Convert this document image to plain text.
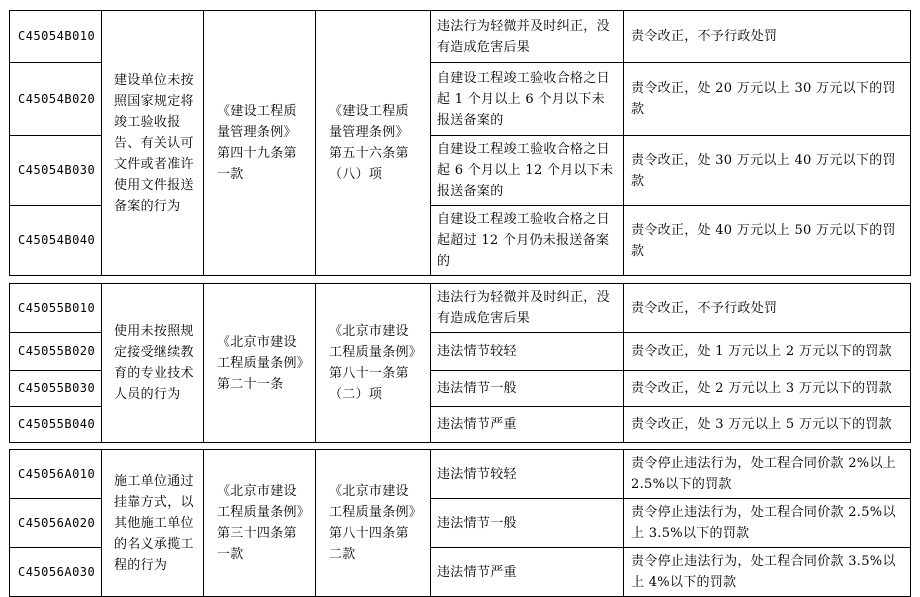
C45054B010	建设单位未按照国家规定将竣工验收报告、有关认可文件或者准许使用文件报送备案的行为	《建设工程质量管理条例》第四十九条第一款	《建设工程质量管理条例》第五十六条第（八）项	违法行为轻微并及时纠正，没有造成危害后果	责令改正，不予行政处罚
C45054B020				自建设工程竣工验收合格之日起 1 个月以上 6 个月以下未报送备案的	责令改正，处 20 万元以上 30 万元以下的罚款
C45054B030				自建设工程竣工验收合格之日起 6 个月以上 12 个月以下未报送备案的	责令改正，处 30 万元以上 40 万元以下的罚款
C45054B040				自建设工程竣工验收合格之日起超过 12 个月仍未报送备案的	责令改正，处 40 万元以上 50 万元以下的罚款
C45055B010	使用未按照规定接受继续教育的专业技术人员的行为	《北京市建设工程质量条例》第二十一条	《北京市建设工程质量条例》第八十一条第（二）项	违法行为轻微并及时纠正，没有造成危害后果	责令改正，不予行政处罚
C45055B020				违法情节较轻	责令改正，处 1 万元以上 2 万元以下的罚款
C45055B030				违法情节一般	责令改正，处 2 万元以上 3 万元以下的罚款
C45055B040				违法情节严重	责令改正，处 3 万元以上 5 万元以下的罚款
C45056A010	施工单位通过挂靠方式，以其他施工单位的名义承揽工程的行为	《北京市建设工程质量条例》第三十四条第一款	《北京市建设工程质量条例》第八十四条第二款	违法情节较轻	责令停止违法行为，处工程合同价款 2%以上 2.5%以下的罚款
C45056A020				违法情节一般	责令停止违法行为，处工程合同价款 2.5%以上 3.5%以下的罚款
C45056A030				违法情节严重	责令停止违法行为，处工程合同价款 3.5%以上 4%以下的罚款
